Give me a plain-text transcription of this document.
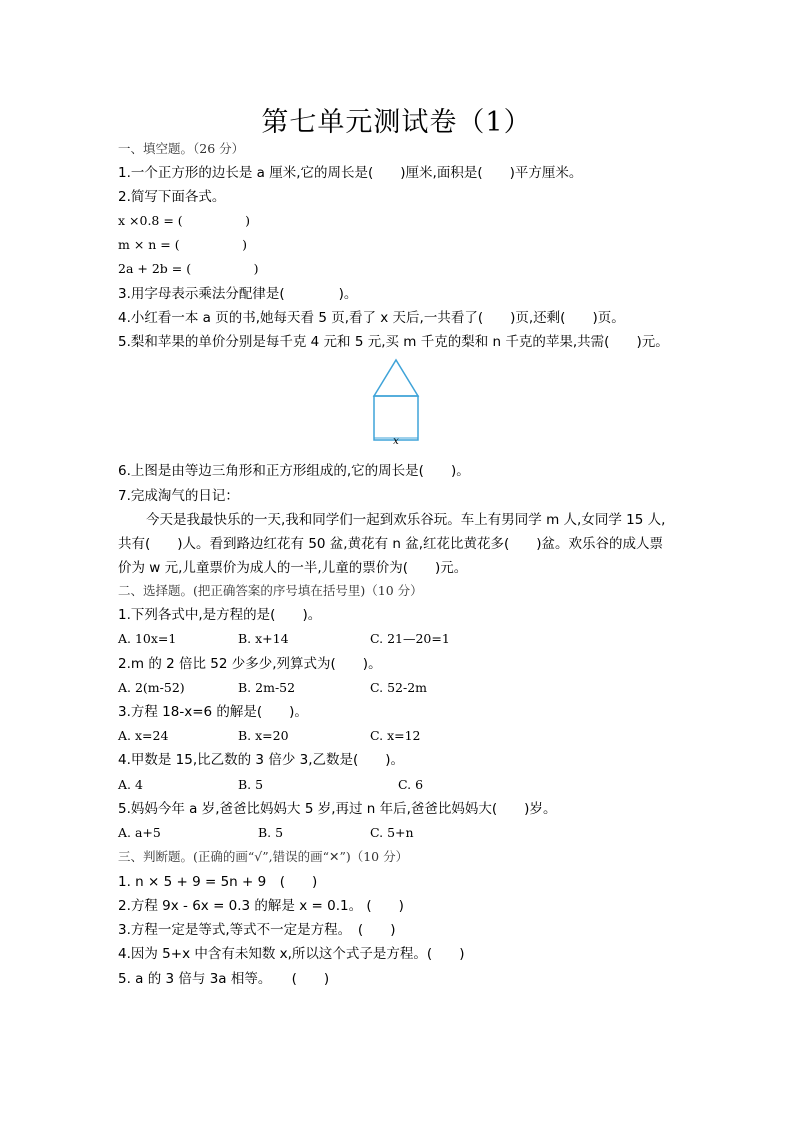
第七单元测试卷（1）
一、填空题。（26 分）
1.一个正方形的边长是 a 厘米,它的周长是(　　)厘米,面积是(　　)平方厘米。
2.简写下面各式。
x ×0.8 = (　　　　　)
m × n = (　　　　　)
2a + 2b = (　　　　　)
3.用字母表示乘法分配律是(　　　　)。
4.小红看一本 a 页的书,她每天看 5 页,看了 x 天后,一共看了(　　)页,还剩(　　)页。
5.梨和苹果的单价分别是每千克 4 元和 5 元,买 m 千克的梨和 n 千克的苹果,共需(　　)元。
x
6.上图是由等边三角形和正方形组成的,它的周长是(　　)。
7.完成淘气的日记：
今天是我最快乐的一天,我和同学们一起到欢乐谷玩。车上有男同学 m 人,女同学 15 人,共有(　　)人。看到路边红花有 50 盆,黄花有 n 盆,红花比黄花多(　　)盆。欢乐谷的成人票价为 w 元,儿童票价为成人的一半,儿童的票价为(　　)元。
二、选择题。(把正确答案的序号填在括号里)（10 分）
1.下列各式中,是方程的是(　　)。
A. 10x=1	B. x+14	C. 21—20=1
2.m 的 2 倍比 52 少多少,列算式为(　　)。
A. 2(m-52)	B. 2m-52	C. 52-2m
3.方程 18-x=6 的解是(　　)。
A. x=24	B. x=20	C. x=12
4.甲数是 15,比乙数的 3 倍少 3,乙数是(　　)。
A. 4	B. 5	C. 6
5.妈妈今年 a 岁,爸爸比妈妈大 5 岁,再过 n 年后,爸爸比妈妈大(　　)岁。
A. a+5	B. 5	C. 5+n
三、判断题。(正确的画“√”,错误的画“✕”)（10 分）
1. n × 5 + 9 = 5n + 9　(　　)
2.方程 9x - 6x = 0.3 的解是 x = 0.1。 (　　)
3.方程一定是等式,等式不一定是方程。　(　　)
4.因为 5+x 中含有未知数 x,所以这个式子是方程。(　　)
5. a 的 3 倍与 3a 相等。　　(　　)
